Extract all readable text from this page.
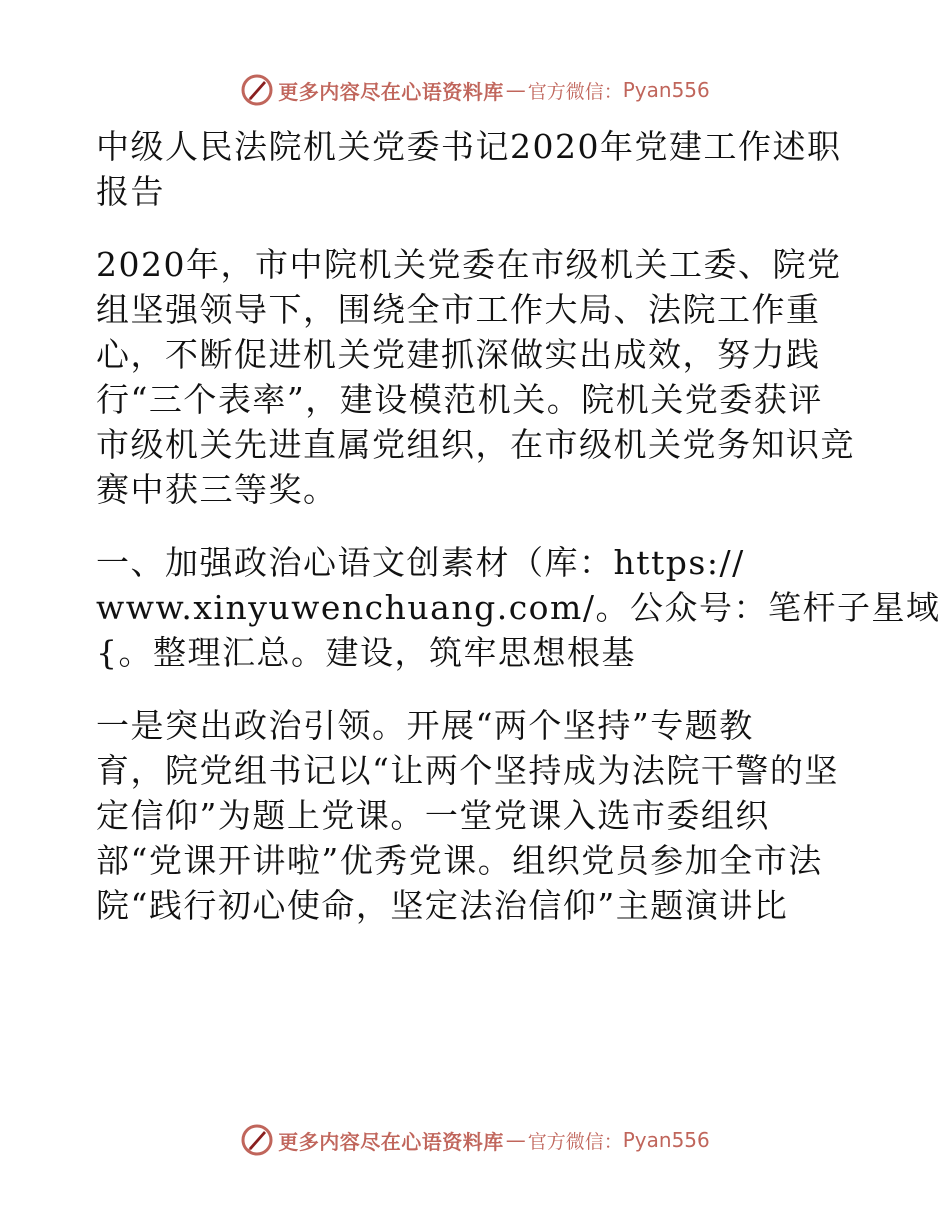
更多内容尽在心语资料库 — 官方微信： Pyan556
中级人民法院机关党委书记2020年党建工作述职
报告
2020年，市中院机关党委在市级机关工委、院党
组坚强领导下，围绕全市工作大局、法院工作重
心，不断促进机关党建抓深做实出成效，努力践
行“三个表率”，建设模范机关。院机关党委获评
市级机关先进直属党组织，在市级机关党务知识竞
赛中获三等奖。
一、加强政治心语文创素材（库：https://
www.xinyuwenchuang.com/。公众号：笔杆子星域
{。整理汇总。建设，筑牢思想根基
一是突出政治引领。开展“两个坚持”专题教
育，院党组书记以“让两个坚持成为法院干警的坚
定信仰”为题上党课。一堂党课入选市委组织
部“党课开讲啦”优秀党课。组织党员参加全市法
院“践行初心使命，坚定法治信仰”主题演讲比
更多内容尽在心语资料库 — 官方微信： Pyan556
